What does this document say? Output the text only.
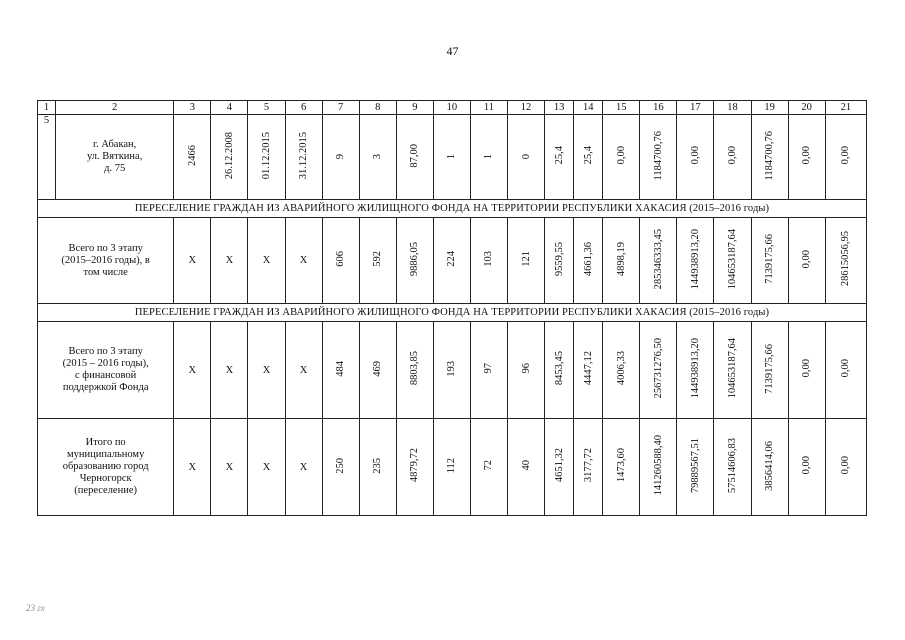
47
1	2	3	4	5	6	7	8	9	10	11	12	13	14	15	16	17	18	19	20	21
5	г. Абакан,
ул. Вяткина,
д. 75	2466	26.12.2008	01.12.2015	31.12.2015	9	3	87,00	1	1	0	25,4	25,4	0,00	1184700,76	0,00	0,00	1184700,76	0,00	0,00
ПЕРЕСЕЛЕНИЕ ГРАЖДАН ИЗ АВАРИЙНОГО ЖИЛИЩНОГО ФОНДА НА ТЕРРИТОРИИ РЕСПУБЛИКИ ХАКАСИЯ (2015–2016 годы)																				

Всего по 3 этапу
(2015–2016 годы), в
том числе		Х	Х	Х	Х	606	592	9886,05	224	103	121	9559,55	4661,36	4898,19	285346333,45	144938913,20	104653187,64	7139175,66	0,00	28615056,95
ПЕРЕСЕЛЕНИЕ ГРАЖДАН ИЗ АВАРИЙНОГО ЖИЛИЩНОГО ФОНДА НА ТЕРРИТОРИИ РЕСПУБЛИКИ ХАКАСИЯ (2015–2016 годы)																				

Всего по 3 этапу
(2015 – 2016 годы),
с финансовой
поддержкой Фонда		Х	Х	Х	Х	484	469	8803,85	193	97	96	8453,45	4447,12	4006,33	256731276,50	144938913,20	104653187,64	7139175,66	0,00	0,00

Итого по
муниципальному
образованию город
Черногорск
(переселение)		Х	Х	Х	Х	250	235	4879,72	112	72	40	4651,32	3177,72	1473,60	141260588,40	79889567,51	57514606,83	3856414,06	0,00	0,00
23 гх
